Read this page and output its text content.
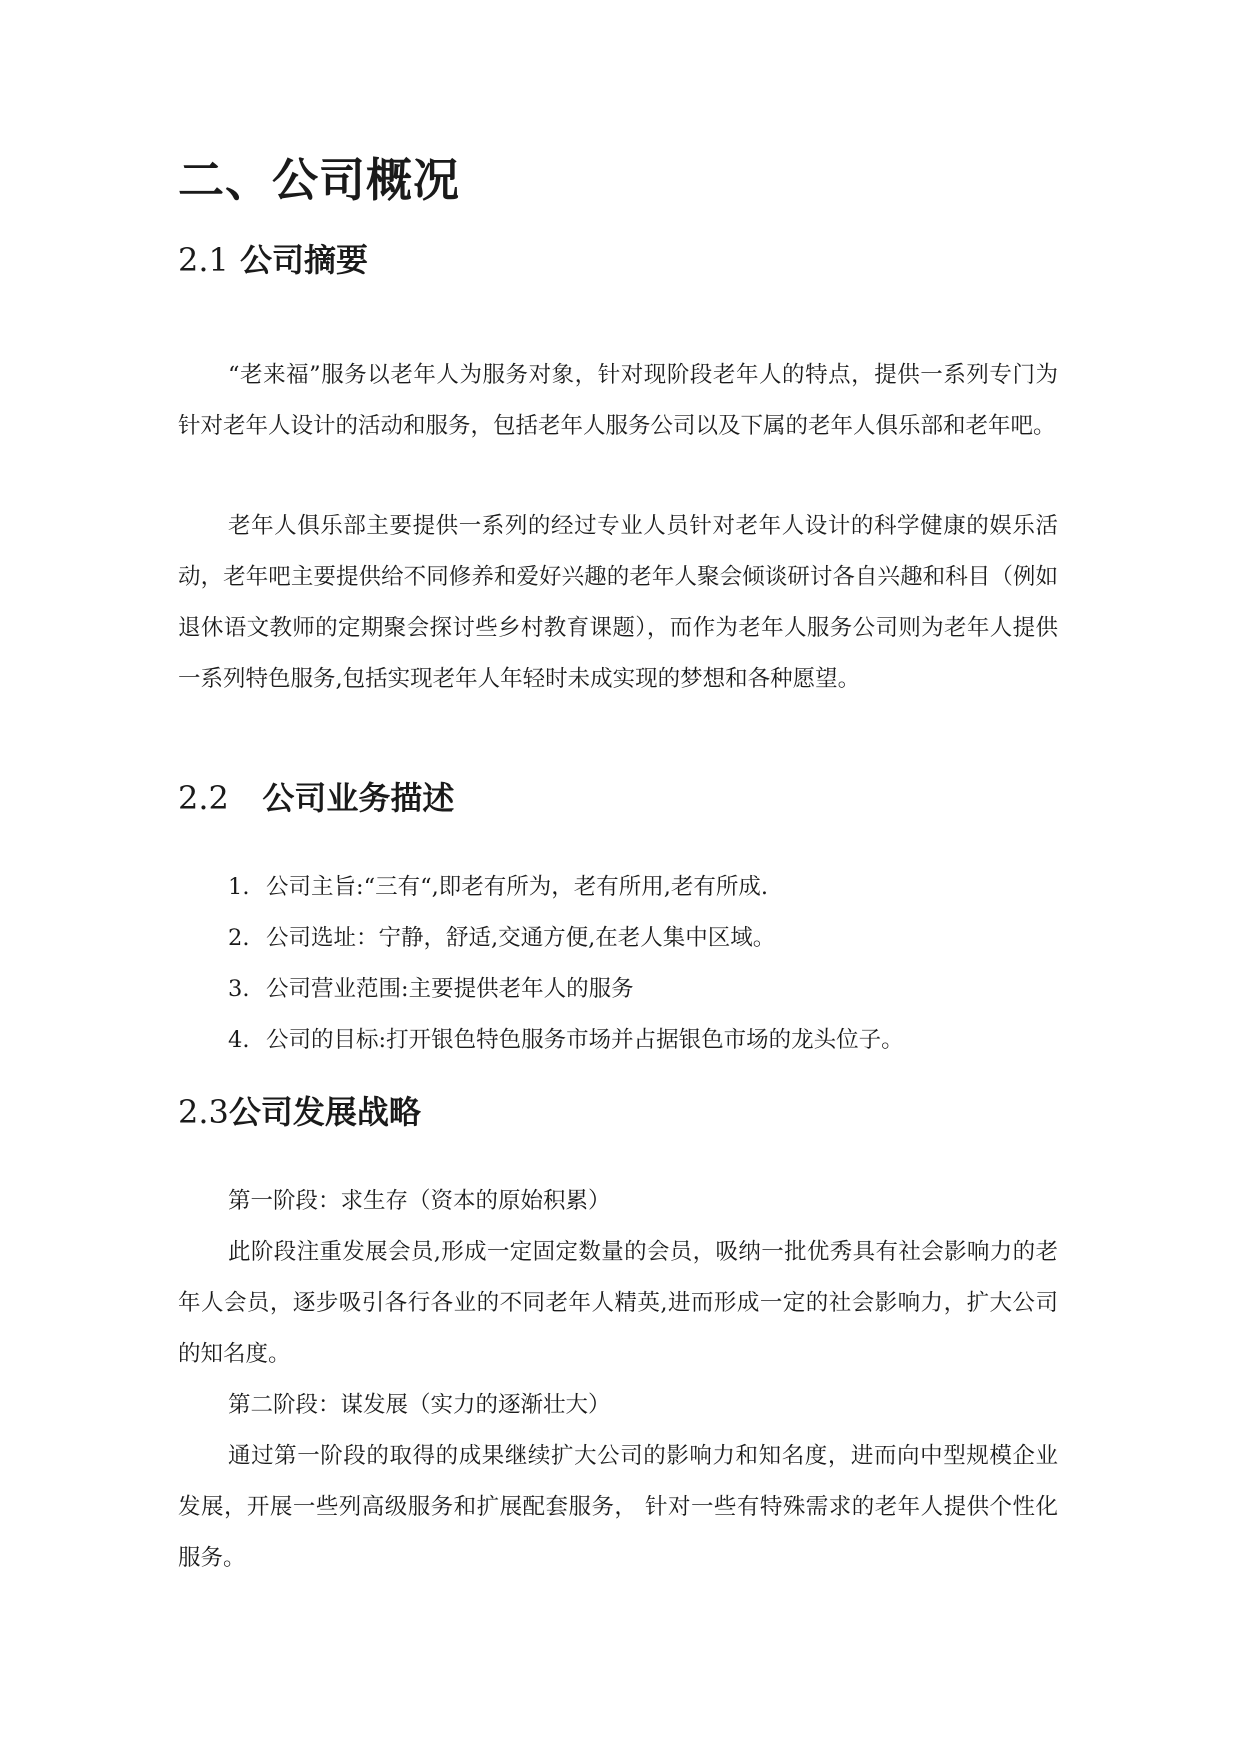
二、公司概况
2.1 公司摘要

“老来福”服务以老年人为服务对象，针对现阶段老年人的特点，提供一系列专门为针对老年人设计的活动和服务，包括老年人服务公司以及下属的老年人俱乐部和老年吧。

老年人俱乐部主要提供一系列的经过专业人员针对老年人设计的科学健康的娱乐活动，老年吧主要提供给不同修养和爱好兴趣的老年人聚会倾谈研讨各自兴趣和科目（例如退休语文教师的定期聚会探讨些乡村教育课题），而作为老年人服务公司则为老年人提供一系列特色服务,包括实现老年人年轻时未成实现的梦想和各种愿望。

2.2 公司业务描述
1. 公司主旨:“三有“,即老有所为，老有所用,老有所成.
2. 公司选址：宁静，舒适,交通方便,在老人集中区域。
3. 公司营业范围:主要提供老年人的服务
4. 公司的目标:打开银色特色服务市场并占据银色市场的龙头位子。
2.3公司发展战略

第一阶段：求生存（资本的原始积累）

此阶段注重发展会员,形成一定固定数量的会员，吸纳一批优秀具有社会影响力的老年人会员，逐步吸引各行各业的不同老年人精英,进而形成一定的社会影响力，扩大公司的知名度。

第二阶段：谋发展（实力的逐渐壮大）

通过第一阶段的取得的成果继续扩大公司的影响力和知名度，进而向中型规模企业发展，开展一些列高级服务和扩展配套服务， 针对一些有特殊需求的老年人提供个性化服务。
